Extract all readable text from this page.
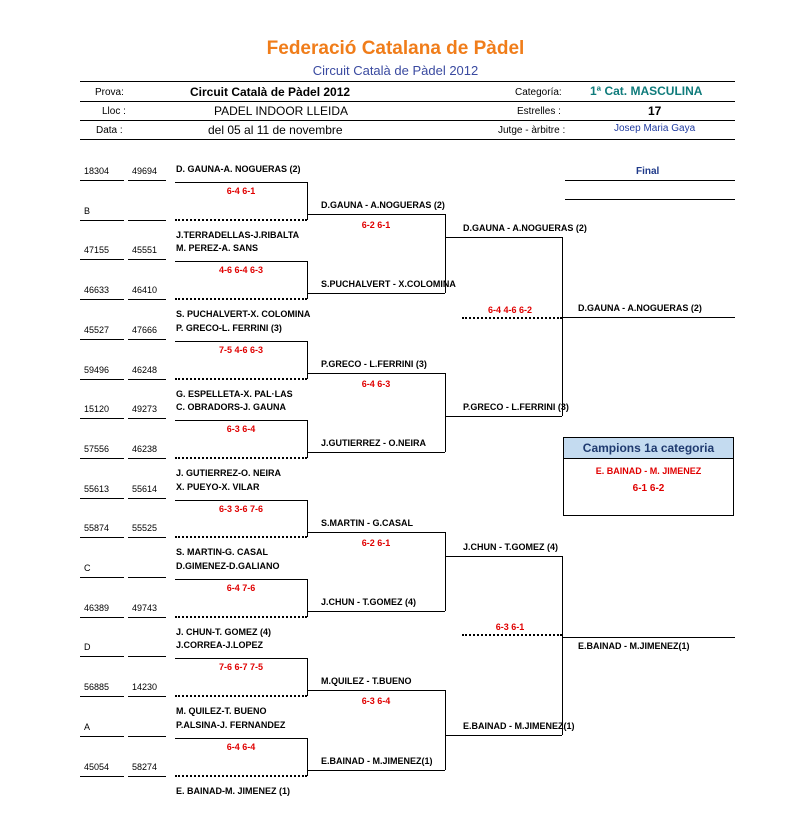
Federació Catalana de Pàdel
Circuit Català de Pàdel 2012
Prova:	Circuit Català de Pàdel 2012	Categoría: 1ª Cat. MASCULINA
Lloc :	PADEL INDOOR LLEIDA	Estrelles :	17
Data :	del 05 al 11 de novembre	Jutge - àrbitre :	Josep Maria Gaya
Final
18304	49694 D. GAUNA-A. NOGUERAS (2)
B
J.TERRADELLAS-J.RIBALTA
47155	45551 M. PEREZ-A. SANS
46633	46410
S. PUCHALVERT-X. COLOMINA
45527	47666 P. GRECO-L. FERRINI (3)
59496	46248
G. ESPELLETA-X. PAL·LAS
15120	49273 C. OBRADORS-J. GAUNA
57556	46238
J. GUTIERREZ-O. NEIRA
55613	55614 X. PUEYO-X. VILAR
55874	55525
S. MARTIN-G. CASAL
C	D.GIMENEZ-D.GALIANO
46389	49743
J. CHUN-T. GOMEZ (4)
D	J.CORREA-J.LOPEZ
56885	14230
M. QUILEZ-T. BUENO
A	P.ALSINA-J. FERNANDEZ
45054	58274
E. BAINAD-M. JIMENEZ (1)
6-4 6-1
4-6 6-4 6-3
7-5 4-6 6-3
6-3 6-4
6-3 3-6 7-6
6-4 7-6
7-6 6-7 7-5
6-4 6-4
D.GAUNA - A.NOGUERAS (2)
S.PUCHALVERT - X.COLOMINA
6-2 6-1
P.GRECO - L.FERRINI (3)
J.GUTIERREZ - O.NEIRA
6-4 6-3
S.MARTIN - G.CASAL
J.CHUN - T.GOMEZ (4)
6-2 6-1
M.QUILEZ - T.BUENO
E.BAINAD - M.JIMENEZ(1)
6-3 6-4
D.GAUNA - A.NOGUERAS (2)
P.GRECO - L.FERRINI (3)
6-4 4-6 6-2
J.CHUN - T.GOMEZ (4)
E.BAINAD - M.JIMENEZ(1)
6-3 6-1
D.GAUNA - A.NOGUERAS (2)
E.BAINAD - M.JIMENEZ(1)
Campions 1a categoria
E. BAINAD - M. JIMENEZ
6-1 6-2
